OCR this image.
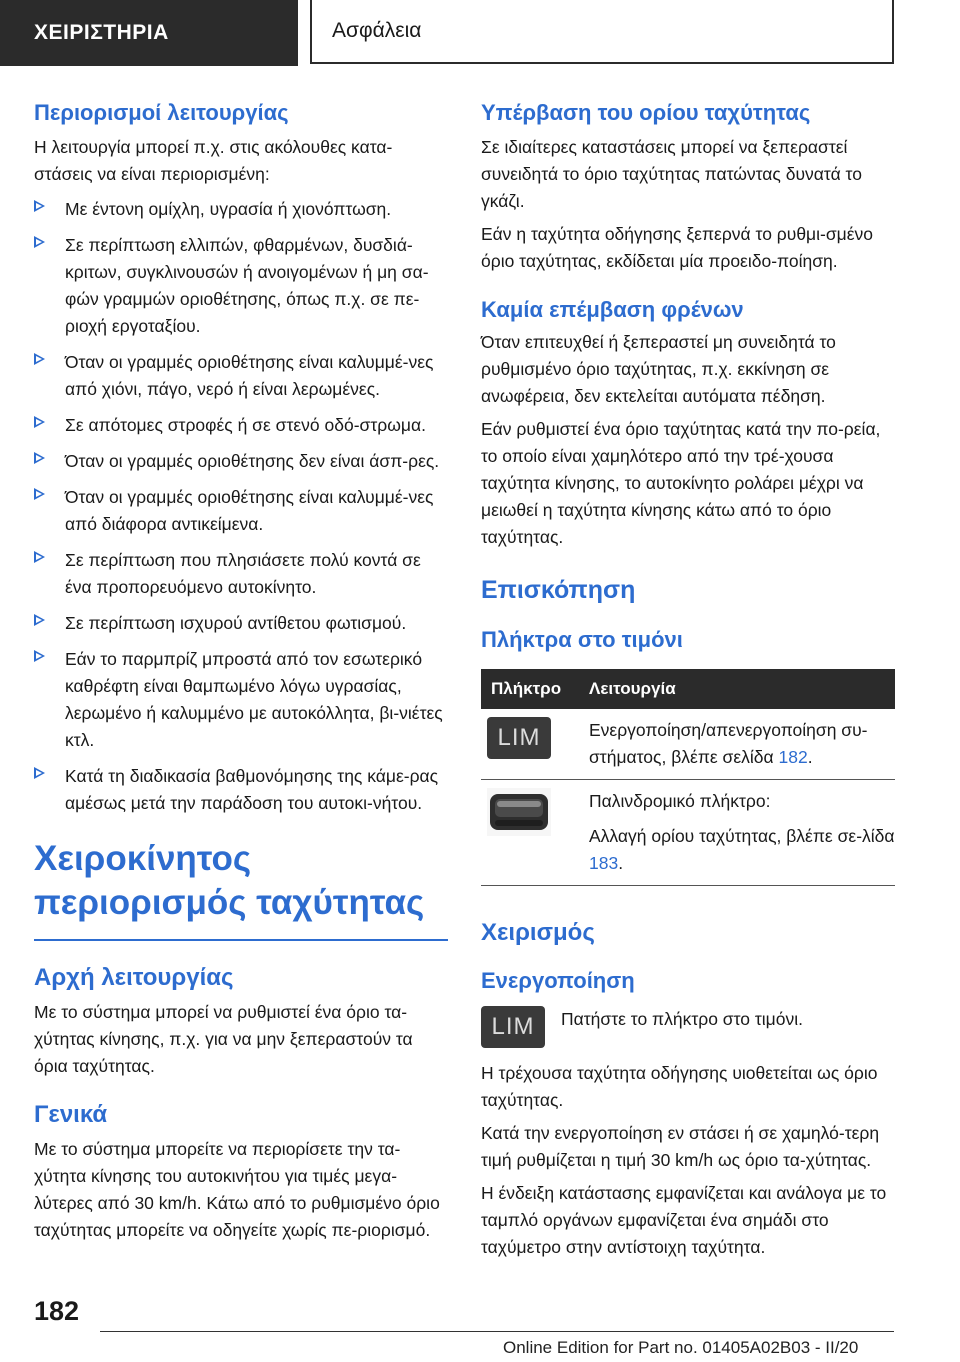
ΧΕΙΡΙΣΤΗΡΙΑ	Ασφάλεια
Περιορισμοί λειτουργίας

Η λειτουργία μπορεί π.χ. στις ακόλουθες κατα-στάσεις να είναι περιορισμένη:

Με έντονη ομίχλη, υγρασία ή χιονόπτωση.
Σε περίπτωση ελλιπών, φθαρμένων, δυσδιά-κριτων, συγκλινουσών ή ανοιγομένων ή μη σα-φών γραμμών οριοθέτησης, όπως π.χ. σε πε-ριοχή εργοταξίου.
Όταν οι γραμμές οριοθέτησης είναι καλυμμέ-νες από χιόνι, πάγο, νερό ή είναι λερωμένες.
Σε απότομες στροφές ή σε στενό οδό-στρωμα.
Όταν οι γραμμές οριοθέτησης δεν είναι άσπ-ρες.
Όταν οι γραμμές οριοθέτησης είναι καλυμμέ-νες από διάφορα αντικείμενα.
Σε περίπτωση που πλησιάσετε πολύ κοντά σε ένα προπορευόμενο αυτοκίνητο.
Σε περίπτωση ισχυρού αντίθετου φωτισμού.
Εάν το παρμπρίζ μπροστά από τον εσωτερικό καθρέφτη είναι θαμπωμένο λόγω υγρασίας, λερωμένο ή καλυμμένο με αυτοκόλλητα, βι-νιέτες κτλ.
Κατά τη διαδικασία βαθμονόμησης της κάμε-ρας αμέσως μετά την παράδοση του αυτοκι-νήτου.
Χειροκίνητος περιορισμός ταχύτητας
Αρχή λειτουργίας

Με το σύστημα μπορεί να ρυθμιστεί ένα όριο τα-χύτητας κίνησης, π.χ. για να μην ξεπεραστούν τα όρια ταχύτητας.

Γενικά

Με το σύστημα μπορείτε να περιορίσετε την τα-χύτητα κίνησης του αυτοκινήτου για τιμές μεγα-λύτερες από 30 km/h. Κάτω από το ρυθμισμένο όριο ταχύτητας μπορείτε να οδηγείτε χωρίς πε-ριορισμό.

Υπέρβαση του ορίου ταχύτητας

Σε ιδιαίτερες καταστάσεις μπορεί να ξεπεραστεί συνειδητά το όριο ταχύτητας πατώντας δυνατά το γκάζι.

Εάν η ταχύτητα οδήγησης ξεπερνά το ρυθμι-σμένο όριο ταχύτητας, εκδίδεται μία προειδο-ποίηση.

Καμία επέμβαση φρένων

Όταν επιτευχθεί ή ξεπεραστεί μη συνειδητά το ρυθμισμένο όριο ταχύτητας, π.χ. εκκίνηση σε ανωφέρεια, δεν εκτελείται αυτόματα πέδηση.

Εάν ρυθμιστεί ένα όριο ταχύτητας κατά την πο-ρεία, το οποίο είναι χαμηλότερο από την τρέ-χουσα ταχύτητα κίνησης, το αυτοκίνητο ρολάρει μέχρι να μειωθεί η ταχύτητα κίνησης κάτω από το όριο ταχύτητας.

Επισκόπηση
Πλήκτρα στο τιμόνι
Πλήκτρο	Λειτουργία

LIM	Ενεργοποίηση/απενεργοποίηση συ-στήματος, βλέπε σελίδα 182.

Παλινδρομικό πλήκτρο:

Αλλαγή ορίου ταχύτητας, βλέπε σε-λίδα 183.

Χειρισμός
Ενεργοποίηση
LIM Πατήστε το πλήκτρο στο τιμόνι.

Η τρέχουσα ταχύτητα οδήγησης υιοθετείται ως όριο ταχύτητας.

Κατά την ενεργοποίηση εν στάσει ή σε χαμηλό-τερη τιμή ρυθμίζεται η τιμή 30 km/h ως όριο τα-χύτητας.

Η ένδειξη κατάστασης εμφανίζεται και ανάλογα με το ταμπλό οργάνων εμφανίζεται ένα σημάδι στο ταχύμετρο στην αντίστοιχη ταχύτητα.

182
Online Edition for Part no. 01405A02B03 - II/20
